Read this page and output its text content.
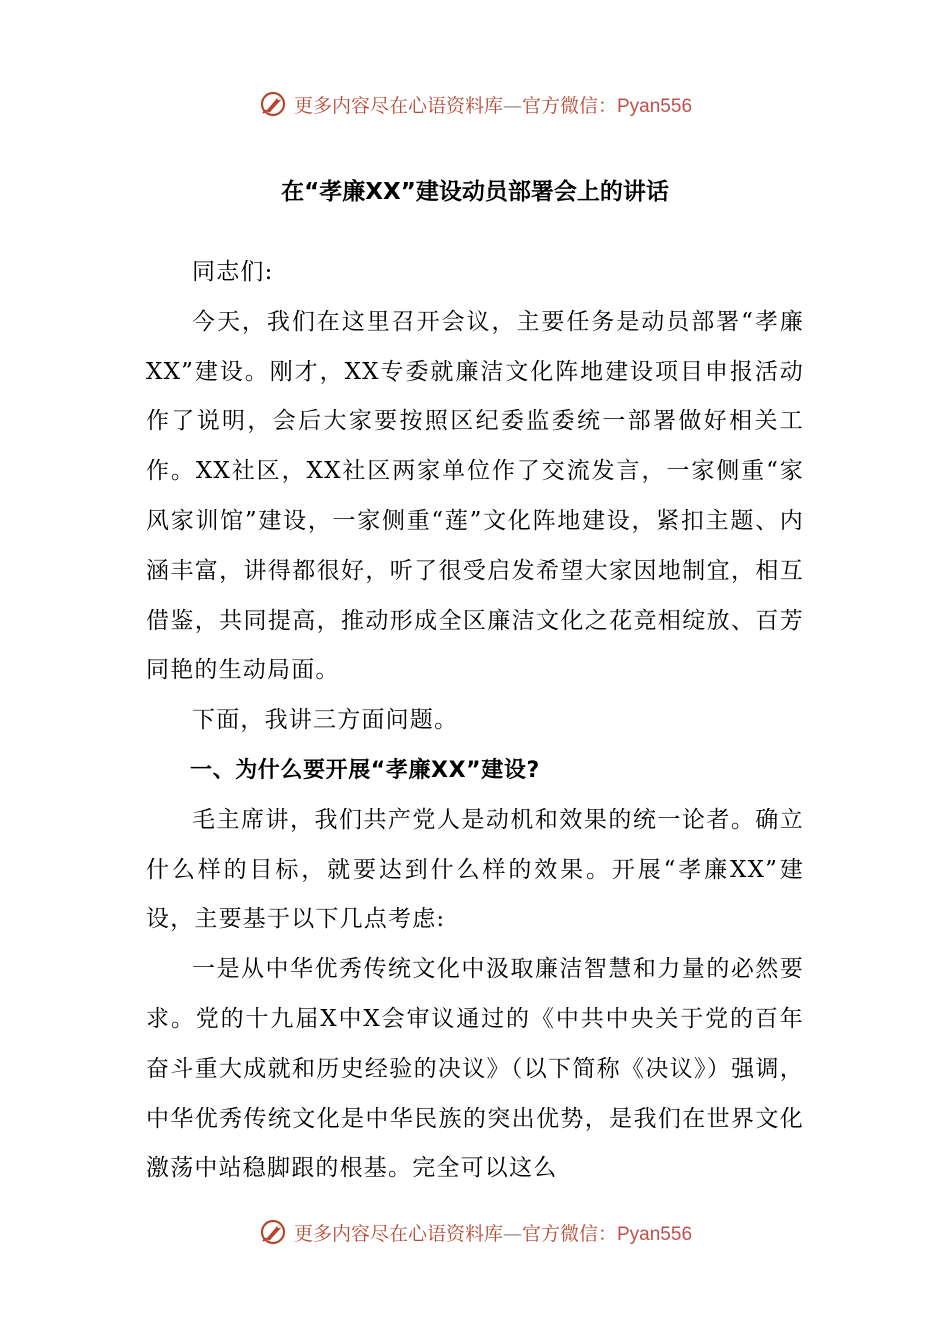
更多内容尽在心语资料库—官方微信：Pyan556
在“孝廉XX”建设动员部署会上的讲话

同志们:

今天，我们在这里召开会议，主要任务是动员部署“孝廉XX”建设。刚才，XX专委就廉洁文化阵地建设项目申报活动作了说明，会后大家要按照区纪委监委统一部署做好相关工作。XX社区，XX社区两家单位作了交流发言，一家侧重“家风家训馆”建设，一家侧重“莲”文化阵地建设，紧扣主题、内涵丰富，讲得都很好，听了很受启发希望大家因地制宜，相互借鉴，共同提高，推动形成全区廉洁文化之花竞相绽放、百芳同艳的生动局面。

下面，我讲三方面问题。

一、为什么要开展“孝廉XX”建设?

毛主席讲，我们共产党人是动机和效果的统一论者。确立什么样的目标，就要达到什么样的效果。开展“孝廉XX”建设，主要基于以下几点考虑:

一是从中华优秀传统文化中汲取廉洁智慧和力量的必然要求。党的十九届X中X会审议通过的《中共中央关于党的百年奋斗重大成就和历史经验的决议》（以下简称《决议》）强调，中华优秀传统文化是中华民族的突出优势，是我们在世界文化激荡中站稳脚跟的根基。完全可以这么

更多内容尽在心语资料库—官方微信：Pyan556
